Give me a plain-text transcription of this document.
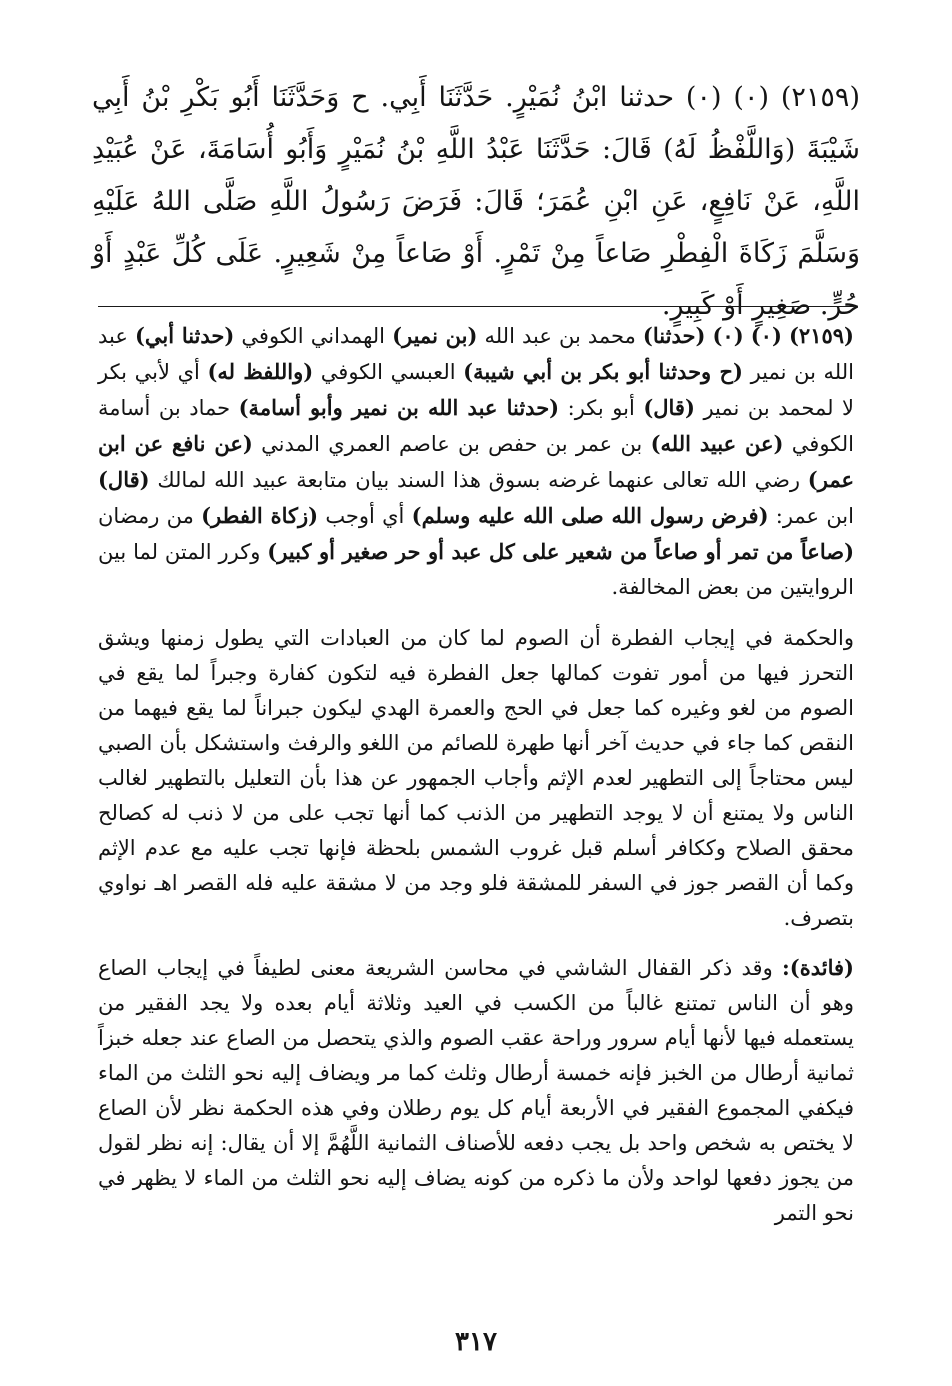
(٢١٥٩) (٠) (٠) حدثنا ابْنُ نُمَيْرٍ. حَدَّثَنَا أَبِي. ح وَحَدَّثَنَا أَبُو بَكْرِ بْنُ أَبِي شَيْبَةَ (وَاللَّفْظُ لَهُ) قَالَ: حَدَّثَنَا عَبْدُ اللَّهِ بْنُ نُمَيْرٍ وَأَبُو أُسَامَةَ، عَنْ عُبَيْدِ اللَّهِ، عَنْ نَافِعٍ، عَنِ ابْنِ عُمَرَ؛ قَالَ: فَرَضَ رَسُولُ اللَّهِ صَلَّى اللهُ عَلَيْهِ وَسَلَّمَ زَكَاةَ الْفِطْرِ صَاعاً مِنْ تَمْرٍ. أَوْ صَاعاً مِنْ شَعِيرٍ. عَلَى كُلِّ عَبْدٍ أَوْ حُرٍّ. صَغِيرٍ أَوْ كَبِيرٍ.

(٢١٥٩) (٠) (٠) (حدثنا) محمد بن عبد الله (بن نمير) الهمداني الكوفي (حدثنا أبي) عبد الله بن نمير (ح وحدثنا أبو بكر بن أبي شيبة) العبسي الكوفي (واللفظ له) أي لأبي بكر لا لمحمد بن نمير (قال) أبو بكر: (حدثنا عبد الله بن نمير وأبو أسامة) حماد بن أسامة الكوفي (عن عبيد الله) بن عمر بن حفص بن عاصم العمري المدني (عن نافع عن ابن عمر) رضي الله تعالى عنهما غرضه بسوق هذا السند بيان متابعة عبيد الله لمالك (قال) ابن عمر: (فرض رسول الله صلى الله عليه وسلم) أي أوجب (زكاة الفطر) من رمضان (صاعاً من تمر أو صاعاً من شعير على كل عبد أو حر صغير أو كبير) وكرر المتن لما بين الروايتين من بعض المخالفة.

والحكمة في إيجاب الفطرة أن الصوم لما كان من العبادات التي يطول زمنها ويشق التحرز فيها من أمور تفوت كمالها جعل الفطرة فيه لتكون كفارة وجبراً لما يقع في الصوم من لغو وغيره كما جعل في الحج والعمرة الهدي ليكون جبراناً لما يقع فيهما من النقص كما جاء في حديث آخر أنها طهرة للصائم من اللغو والرفث واستشكل بأن الصبي ليس محتاجاً إلى التطهير لعدم الإثم وأجاب الجمهور عن هذا بأن التعليل بالتطهير لغالب الناس ولا يمتنع أن لا يوجد التطهير من الذنب كما أنها تجب على من لا ذنب له كصالح محقق الصلاح وككافر أسلم قبل غروب الشمس بلحظة فإنها تجب عليه مع عدم الإثم وكما أن القصر جوز في السفر للمشقة فلو وجد من لا مشقة عليه فله القصر اهـ نواوي بتصرف.

(فائدة): وقد ذكر القفال الشاشي في محاسن الشريعة معنى لطيفاً في إيجاب الصاع وهو أن الناس تمتنع غالباً من الكسب في العيد وثلاثة أيام بعده ولا يجد الفقير من يستعمله فيها لأنها أيام سرور وراحة عقب الصوم والذي يتحصل من الصاع عند جعله خبزاً ثمانية أرطال من الخبز فإنه خمسة أرطال وثلث كما مر ويضاف إليه نحو الثلث من الماء فيكفي المجموع الفقير في الأربعة أيام كل يوم رطلان وفي هذه الحكمة نظر لأن الصاع لا يختص به شخص واحد بل يجب دفعه للأصناف الثمانية اللَّهُمَّ إلا أن يقال: إنه نظر لقول من يجوز دفعها لواحد ولأن ما ذكره من كونه يضاف إليه نحو الثلث من الماء لا يظهر في نحو التمر

٣١٧
